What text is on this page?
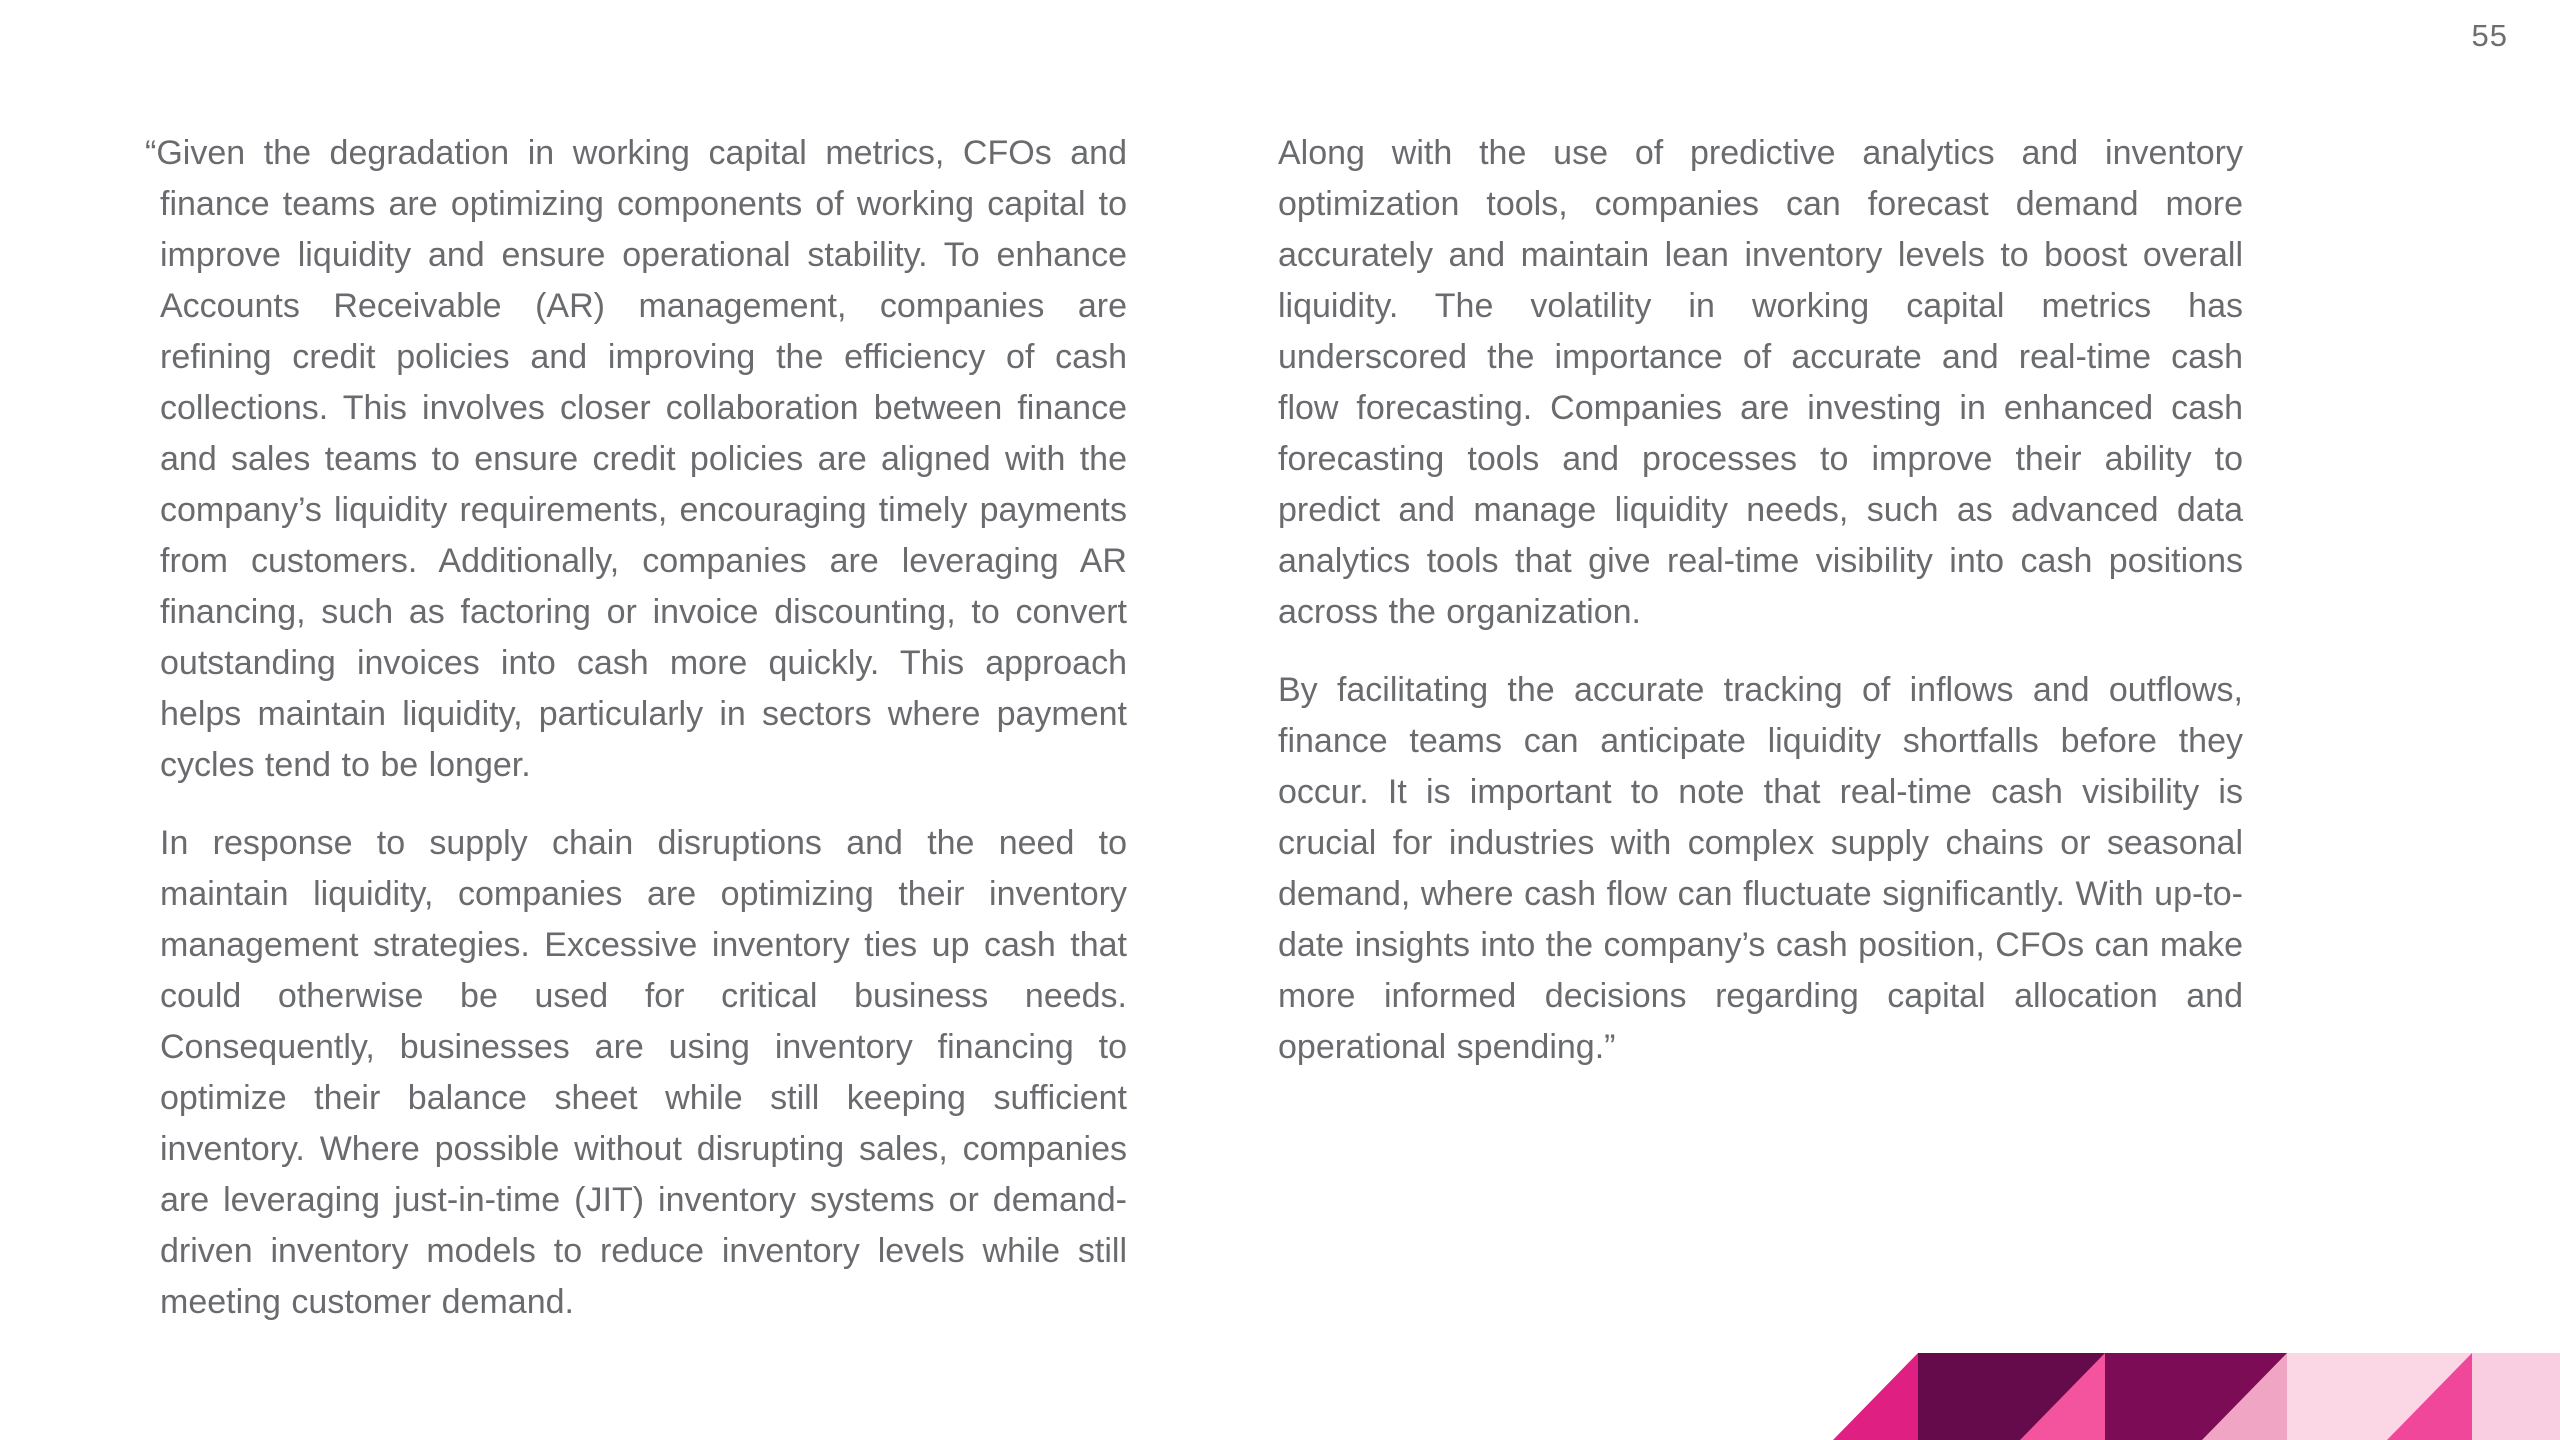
55

“Given the degradation in working capital metrics, CFOs and finance teams are optimizing components of working capital to improve liquidity and ensure operational stability. To enhance Accounts Receivable (AR) management, companies are refining credit policies and improving the efficiency of cash collections. This involves closer collaboration between finance and sales teams to ensure credit policies are aligned with the company’s liquidity requirements, encouraging timely payments from customers. Additionally, companies are leveraging AR financing, such as factoring or invoice discounting, to convert outstanding invoices into cash more quickly. This approach helps maintain liquidity, particularly in sectors where payment cycles tend to be longer.

In response to supply chain disruptions and the need to maintain liquidity, companies are optimizing their inventory management strategies. Excessive inventory ties up cash that could otherwise be used for critical business needs. Consequently, businesses are using inventory financing to optimize their balance sheet while still keeping sufficient inventory. Where possible without disrupting sales, companies are leveraging just-in-time (JIT) inventory systems or demand-driven inventory models to reduce inventory levels while still meeting customer demand.

Along with the use of predictive analytics and inventory optimization tools, companies can forecast demand more accurately and maintain lean inventory levels to boost overall liquidity. The volatility in working capital metrics has underscored the importance of accurate and real-time cash flow forecasting. Companies are investing in enhanced cash forecasting tools and processes to improve their ability to predict and manage liquidity needs, such as advanced data analytics tools that give real-time visibility into cash positions across the organization.

By facilitating the accurate tracking of inflows and outflows, finance teams can anticipate liquidity shortfalls before they occur. It is important to note that real-time cash visibility is crucial for industries with complex supply chains or seasonal demand, where cash flow can fluctuate significantly. With up-to-date insights into the company’s cash position, CFOs can make more informed decisions regarding capital allocation and operational spending.”
